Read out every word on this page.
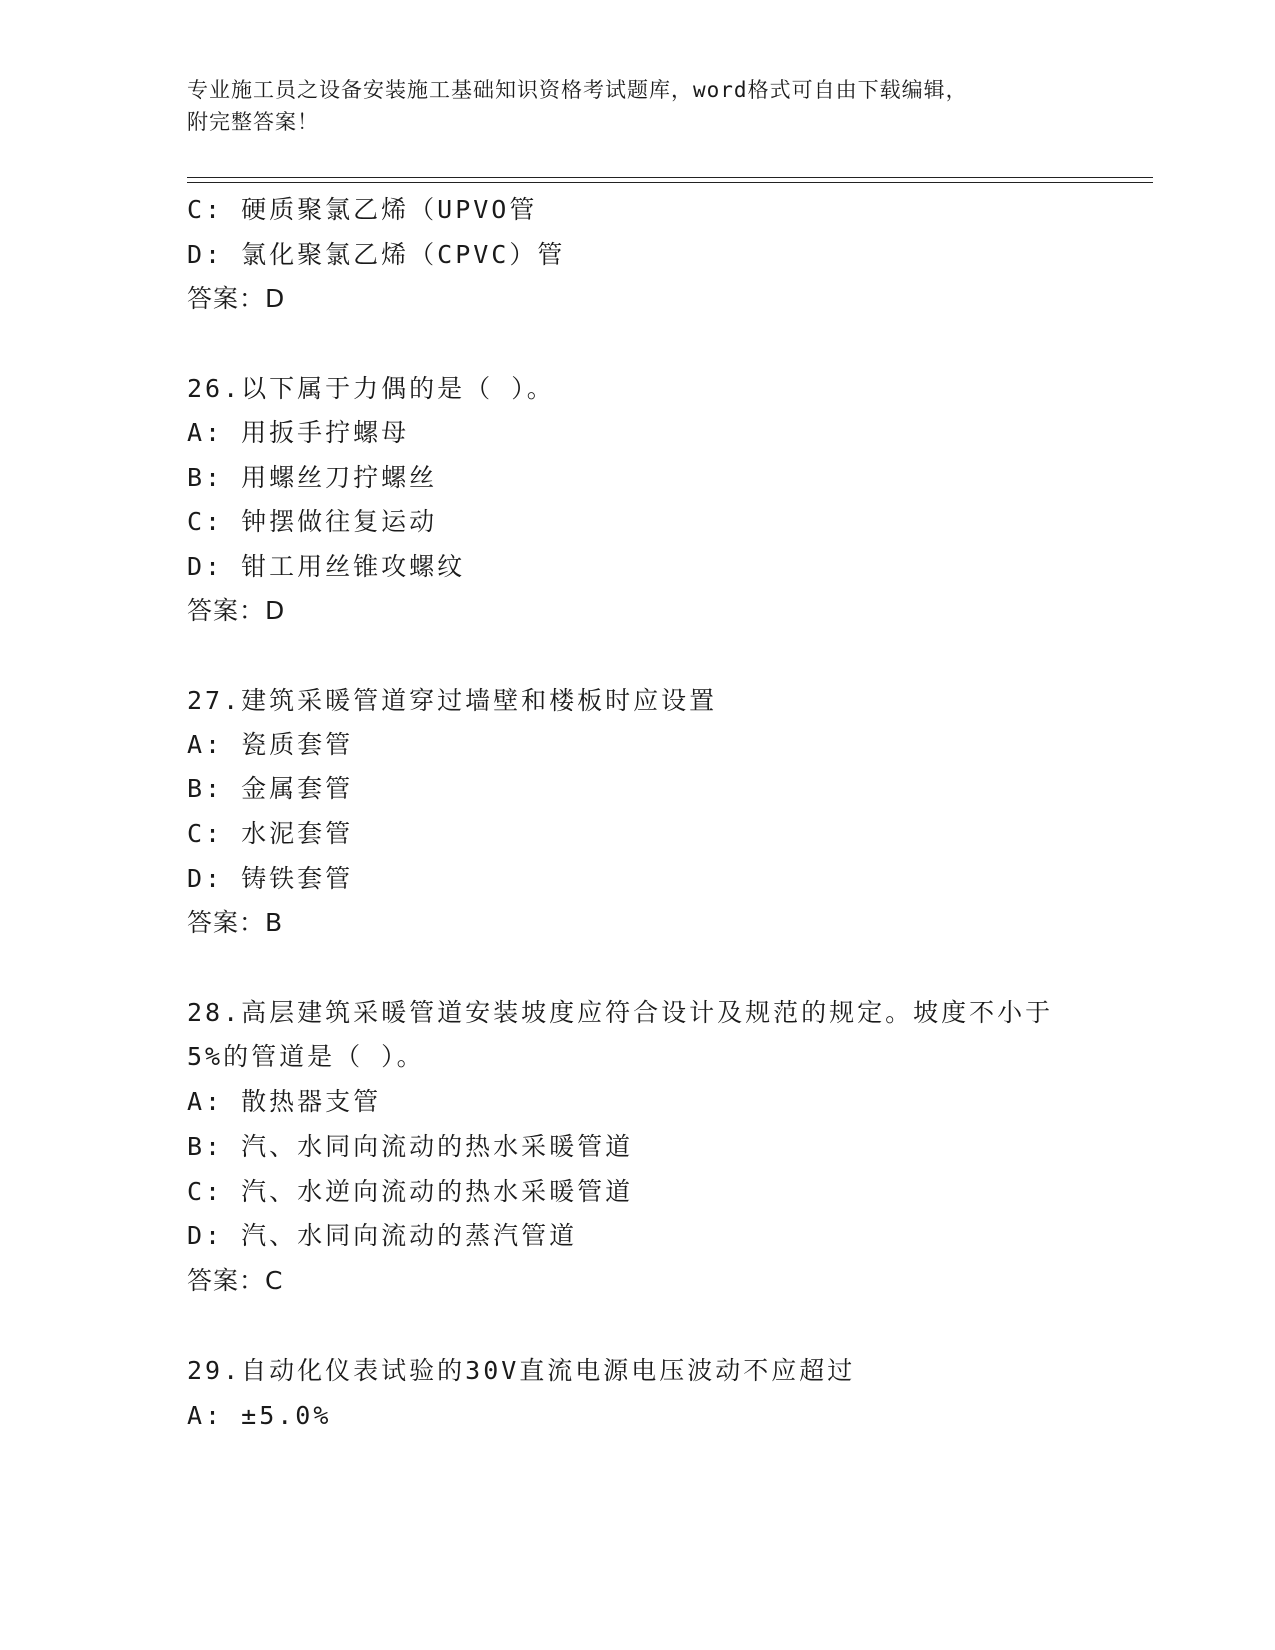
专业施工员之设备安装施工基础知识资格考试题库，word格式可自由下载编辑，
附完整答案！
C: 硬质聚氯乙烯（UPVO管
D: 氯化聚氯乙烯（CPVC）管
答案：D
26.以下属于力偶的是（ ）。
A: 用扳手拧螺母
B: 用螺丝刀拧螺丝
C: 钟摆做往复运动
D: 钳工用丝锥攻螺纹
答案：D
27.建筑采暖管道穿过墙壁和楼板时应设置
A: 瓷质套管
B: 金属套管
C: 水泥套管
D: 铸铁套管
答案：B
28.高层建筑采暖管道安装坡度应符合设计及规范的规定。坡度不小于
5%的管道是（ ）。
A: 散热器支管
B: 汽、水同向流动的热水采暖管道
C: 汽、水逆向流动的热水采暖管道
D: 汽、水同向流动的蒸汽管道
答案：C
29.自动化仪表试验的30V直流电源电压波动不应超过
A: ±5.0%
